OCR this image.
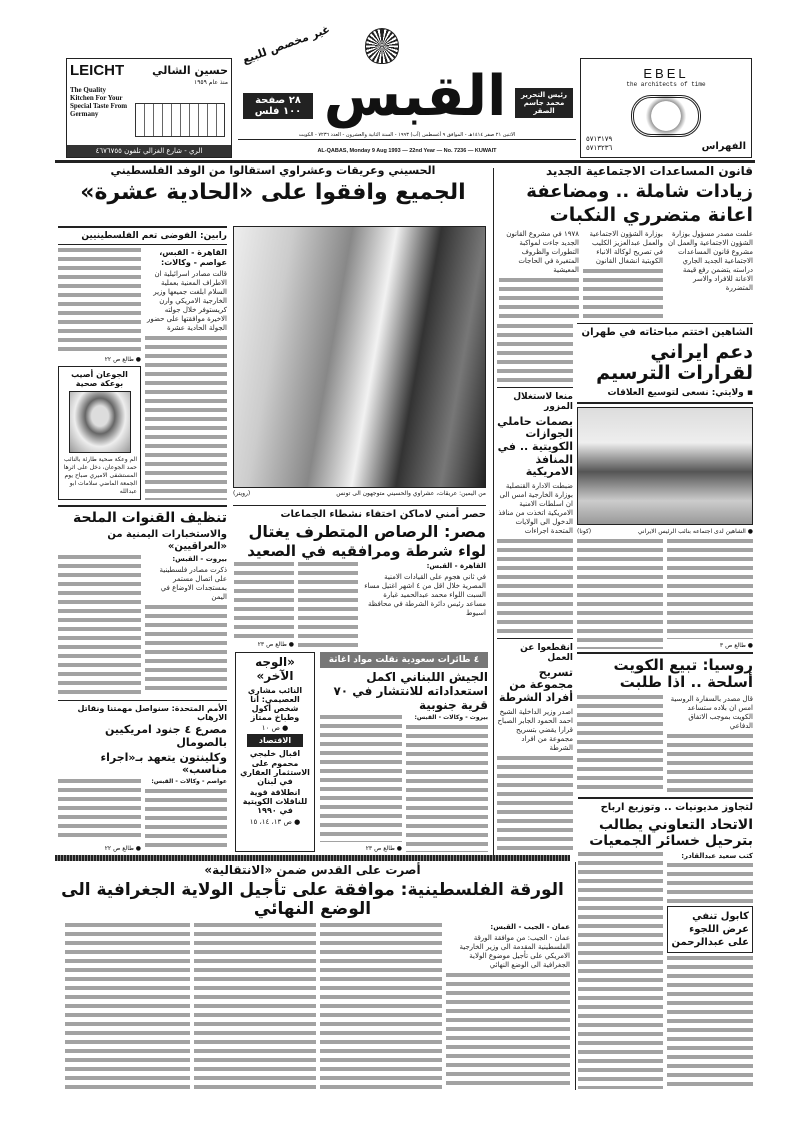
LEICHT	حسين الشالي
منذ عام ١٩٥٩
The Quality Kitchen For Your Special Taste From Germany
الري - شارع الغزالي تلفون ٤٦٧٦٧٥٥
غير مخصص للبيع
القبس
٢٨ صفحة
١٠٠ فلس
رئيس التحرير
محمد جاسم الصقر
الاثنين ٢١ صفر ١٤١٤هـ - الموافق ٩ أغسطس (آب) ١٩٩٣ - السنة الثانية والعشرون - العدد ٧٢٣٦ - الكويت
AL-QABAS, Monday 9 Aug 1993 — 22nd Year — No. 7236 — KUWAIT
EBEL
the architects of time
٥٧١٣١٧٩
٥٧١٣٢٣٦	الفهراس
قانون المساعدات الاجتماعية الجديد
زيادات شاملة .. ومضاعفة
اعانة متضرري النكبات
علمت مصدر مسؤول بوزارة الشؤون الاجتماعية والعمل ان مشروع قانون المساعدات الاجتماعية الجديد الجاري دراسته يتضمن رفع قيمة الاعانة للافراد والاسر المتضررة
بوزارة الشؤون الاجتماعية والعمل عبدالعزيز الكليب في تصريح لوكالة الانباء الكويتية انشغال القانون
١٩٧٨ في مشروع القانون الجديد جاءت لمواكبة التطورات والظروف المتغيرة في الحاجات المعيشية
منعا لاستغلال المزور
بصمات حاملي الجوازات الكويتية .. في المنافذ الامريكية
ضبطت الادارة القنصلية بوزارة الخارجية امس الى ان اسلطات الامنية الامريكية اتخذت من منافذ الدخول الى الولايات المتحدة اجراءات
انقطعوا عن العمل
تسريح مجموعة من أفراد الشرطة
اصدر وزير الداخلية الشيخ احمد الحمود الجابر الصباح قرارا يقضي بتسريح مجموعة من افراد الشرطة
الشاهين اختتم مباحثاته في طهران
دعم ايراني لقرارات الترسيم
▪ ولايتي: نسعى لتوسيع العلاقات
● الشاهين لدى اجتماعه بنائب الرئيس الايراني
(كونا)
● طالع ص ٣
روسيا: تبيع الكويت أسلحة .. اذا طلبت
قال مصدر بالسفارة الروسية امس ان بلاده ستساعد الكويت بموجب الاتفاق الدفاعي
لتجاوز مديونيات .. وتوزيع ارباح
الاتحاد التعاوني يطالب بترحيل خسائر الجمعيات
كتب سعيد عبدالقادر:
كابول تنفي عرض اللجوء على عبدالرحمن
الحسيني وعريقات وعشراوي استقالوا من الوفد الفلسطيني
الجميع وافقوا على «الحادية عشرة»
من اليمين: عريقات، عشراوي والحسيني متوجهون الى تونس
(رويتر)
رابين: الفوضى تعم الفلسطينيين
القاهرة - القبس، عواصم - وكالات:
قالت مصادر اسرائيلية ان الاطراف المعنية بعملية السلام ابلغت جميعها وزير الخارجية الامريكي وارن كريستوفر خلال جولته الاخيرة موافقتها على حضور الجولة الحادية عشرة
● طالع ص ٢٢
الجوعان أصيب بوعكة صحية
الم وعكة صحية طارئة بالنائب حمد الجوعان، دخل على اثرها المستشفى الاميري صباح يوم الجمعة الماضي سلامات ابو عبدالله
حصر أمني لاماكن اختفاء نشطاء الجماعات
مصر: الرصاص المتطرف يغتال
لواء شرطة ومرافقيه في الصعيد
القاهرة - القبس:
في ثاني هجوم على القيادات الامنية المصرية خلال اقل من ٤ اشهر اغتيل مساء السبت اللواء محمد عبدالحميد غبارة مساعد رئيس دائرة الشرطة في محافظة اسيوط
● طالع ص ٢٣
تنظيف القنوات الملحة
والاستخبارات اليمنية من «العراقيين»
بيروت - القبس:
ذكرت مصادر فلسطينية على اتصال مستمر بمستجدات الاوضاع في اليمن
الأمم المتحدة: سنواصل مهمتنا ونقاتل الارهاب
مصرع ٤ جنود امريكيين بالصومال
وكلينتون يتعهد بـ«اجراء مناسب»
عواصم - وكالات - القبس:
● طالع ص ٢٢
«الوجه الآخر»
النائب مشاري العصيمي: أنا شخص أكول وطباخ ممتاز
● ص ١٠
الاقتصاد
اقبال خليجي محموم على الاستثمار العقاري في لبنان
انطلاقة قوية للناقلات الكويتية في ١٩٩٠
● ص ١٣، ١٤، ١٥
٤ طائرات سعودية نقلت مواد اغاثة
الجيش اللبناني اكمل استعداداته للانتشار في ٧٠ قرية جنوبية
بيروت - وكالات - القبس:
● طالع ص ٢٣
أصرت على القدس ضمن «الانتقالية»
الورقة الفلسطينية: موافقة على تأجيل الولاية الجغرافية الى الوضع النهائي
عمان - الجيب - القبس:
عمان - الجيب: من موافقة الورقة الفلسطينية المقدمة الى وزير الخارجية الامريكي على تأجيل موضوع الولاية الجغرافية الى الوضع النهائي
